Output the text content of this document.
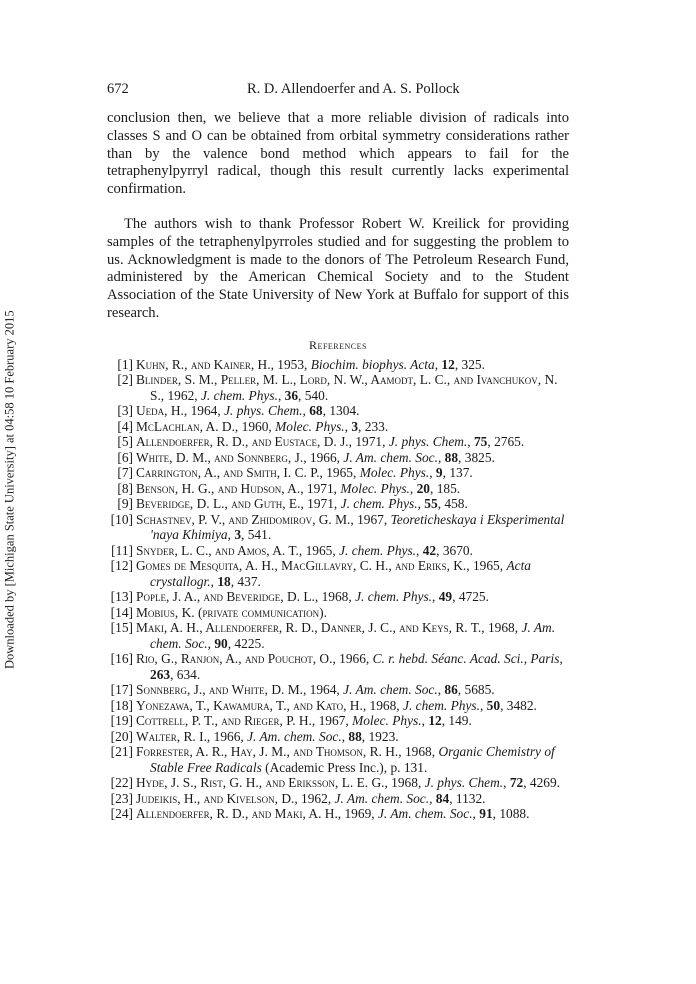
Downloaded by [Michigan State University] at 04:58 10 February 2015
672	R. D. Allendoerfer and A. S. Pollock

conclusion then, we believe that a more reliable division of radicals into classes S and O can be obtained from orbital symmetry considerations rather than by the valence bond method which appears to fail for the tetraphenylpyrryl radical, though this result currently lacks experimental confirmation.

The authors wish to thank Professor Robert W. Kreilick for providing samples of the tetraphenylpyrroles studied and for suggesting the problem to us. Acknowledgment is made to the donors of The Petroleum Research Fund, administered by the American Chemical Society and to the Student Association of the State University of New York at Buffalo for support of this research.

References
[ 1 ] Kuhn, R., and Kainer, H., 1953, Biochim. biophys. Acta, 12, 325.
[ 2 ] Blinder, S. M., Peller, M. L., Lord, N. W., Aamodt, L. C., and Ivanchukov, N. S., 1962, J. chem. Phys., 36, 540.
[ 3 ] Ueda, H., 1964, J. phys. Chem., 68, 1304.
[ 4 ] McLachlan, A. D., 1960, Molec. Phys., 3, 233.
[ 5 ] Allendoerfer, R. D., and Eustace, D. J., 1971, J. phys. Chem., 75, 2765.
[ 6 ] White, D. M., and Sonnberg, J., 1966, J. Am. chem. Soc., 88, 3825.
[ 7 ] Carrington, A., and Smith, I. C. P., 1965, Molec. Phys., 9, 137.
[ 8 ] Benson, H. G., and Hudson, A., 1971, Molec. Phys., 20, 185.
[ 9 ] Beveridge, D. L., and Guth, E., 1971, J. chem. Phys., 55, 458.
[ 10 ] Schastnev, P. V., and Zhidomirov, G. M., 1967, Teoreticheskaya i Eksperimental 'naya Khimiya, 3, 541.
[ 11 ] Snyder, L. C., and Amos, A. T., 1965, J. chem. Phys., 42, 3670.
[ 12 ] Gomes de Mesquita, A. H., MacGillavry, C. H., and Eriks, K., 1965, Acta crystallogr., 18, 437.
[ 13 ] Pople, J. A., and Beveridge, D. L., 1968, J. chem. Phys., 49, 4725.
[ 14 ] Mobius, K. (private communication).
[ 15 ] Maki, A. H., Allendoerfer, R. D., Danner, J. C., and Keys, R. T., 1968, J. Am. chem. Soc., 90, 4225.
[ 16 ] Rio, G., Ranjon, A., and Pouchot, O., 1966, C. r. hebd. Séanc. Acad. Sci., Paris, 263, 634.
[ 17 ] Sonnberg, J., and White, D. M., 1964, J. Am. chem. Soc., 86, 5685.
[ 18 ] Yonezawa, T., Kawamura, T., and Kato, H., 1968, J. chem. Phys., 50, 3482.
[ 19 ] Cottrell, P. T., and Rieger, P. H., 1967, Molec. Phys., 12, 149.
[ 20 ] Walter, R. I., 1966, J. Am. chem. Soc., 88, 1923.
[ 21 ] Forrester, A. R., Hay, J. M., and Thomson, R. H., 1968, Organic Chemistry of Stable Free Radicals (Academic Press Inc.), p. 131.
[ 22 ] Hyde, J. S., Rist, G. H., and Eriksson, L. E. G., 1968, J. phys. Chem., 72, 4269.
[ 23 ] Judeikis, H., and Kivelson, D., 1962, J. Am. chem. Soc., 84, 1132.
[ 24 ] Allendoerfer, R. D., and Maki, A. H., 1969, J. Am. chem. Soc., 91, 1088.
